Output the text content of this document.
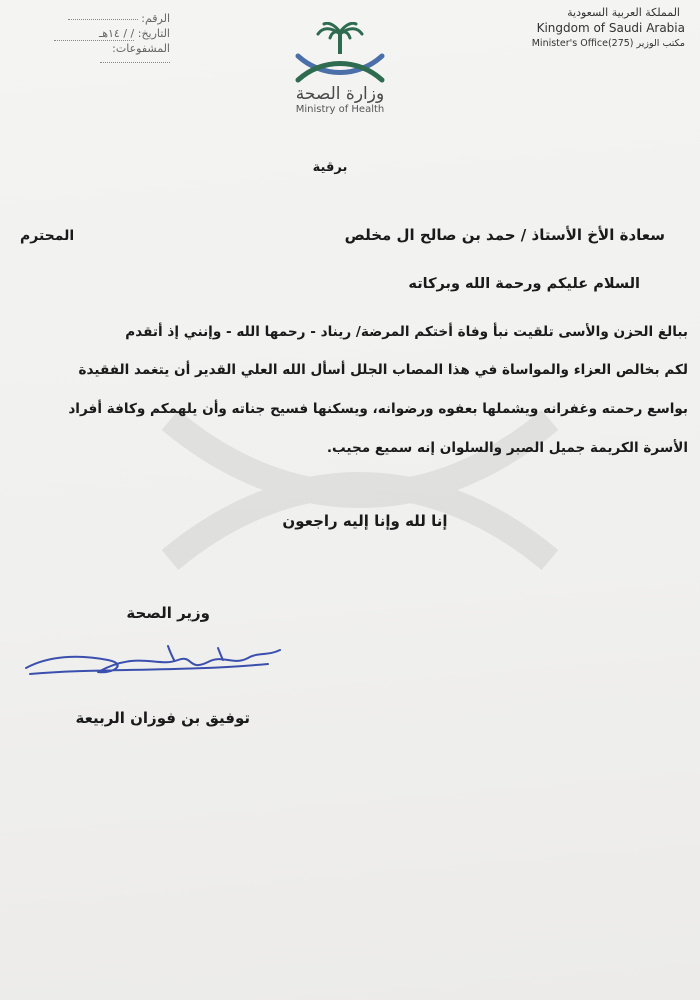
الرقم:
التاريخ: / / ١٤هـ
المشفوعات:
المملكة العربية السعودية
Kingdom of Saudi Arabia
Minister's Office(275) مكتب الوزير
وزارة الصحة
Ministry of Health
برقية
سعادة الأخ الأستاذ / حمد بن صالح ال مخلص
المحترم
السلام عليكم ورحمة الله وبركاته
ببالغ الحزن والأسى تلقيت نبأ وفاة أختكم المرضة/ ريناد - رحمها الله - وإنني إذ أتقدم
لكم بخالص العزاء والمواساة في هذا المصاب الجلل أسأل الله العلي القدير أن يتغمد الفقيدة
بواسع رحمته وغفرانه ويشملها بعفوه ورضوانه، ويسكنها فسيح جناته وأن يلهمكم وكافة أفراد
الأسرة الكريمة جميل الصبر والسلوان إنه سميع مجيب.
إنا لله وإنا إليه راجعون
وزير الصحة
توفيق بن فوزان الربيعة
